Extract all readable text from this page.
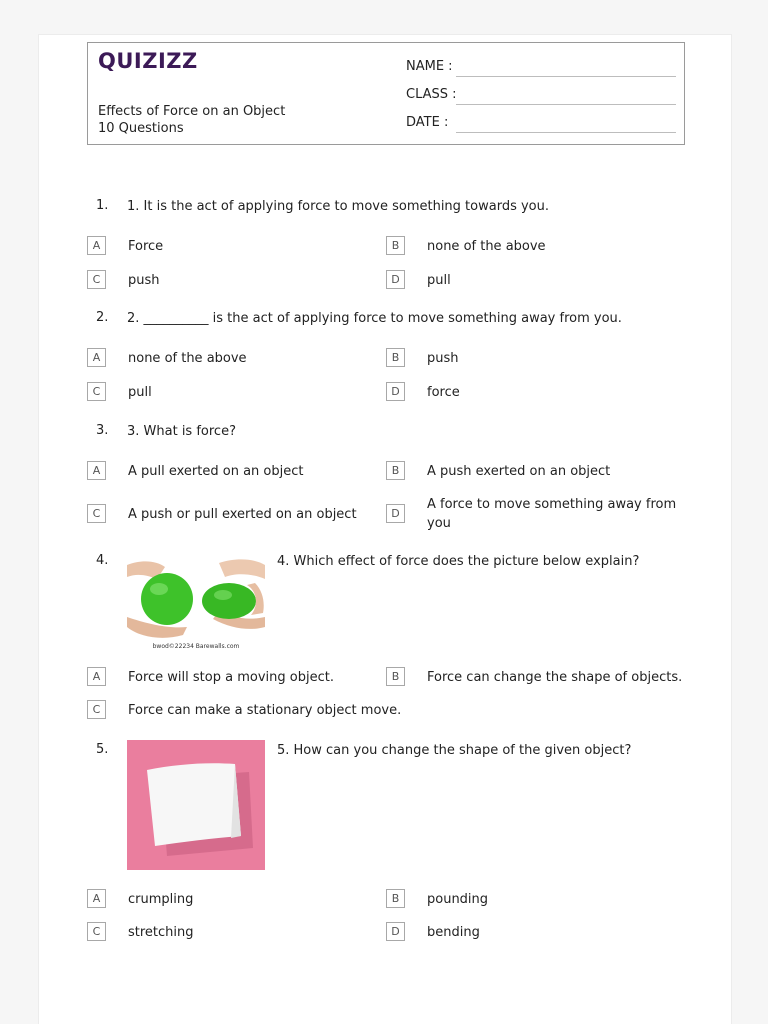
QUIZIZZ
Effects of Force on an Object
10 Questions
NAME :
CLASS :
DATE :
1. 1. It is the act of applying force to move something towards you.
A	Force	B	none of the above
C	push	D	pull
2. 2. __________ is the act of applying force to move something away from you.
A	none of the above	B	push
C	pull	D	force
3. 3. What is force?
A	A pull exerted on an object	B	A push exerted on an object
C	A push or pull exerted on an object	D
A force to move something away from you
4.
bwod©22234 Barewalls.com
4. Which effect of force does the picture below explain?
A	Force will stop a moving object.	B	Force can change the shape of objects.
C	Force can make a stationary object move.
5.	5. How can you change the shape of the given object?
A	crumpling	B	pounding
C	stretching	D	bending
